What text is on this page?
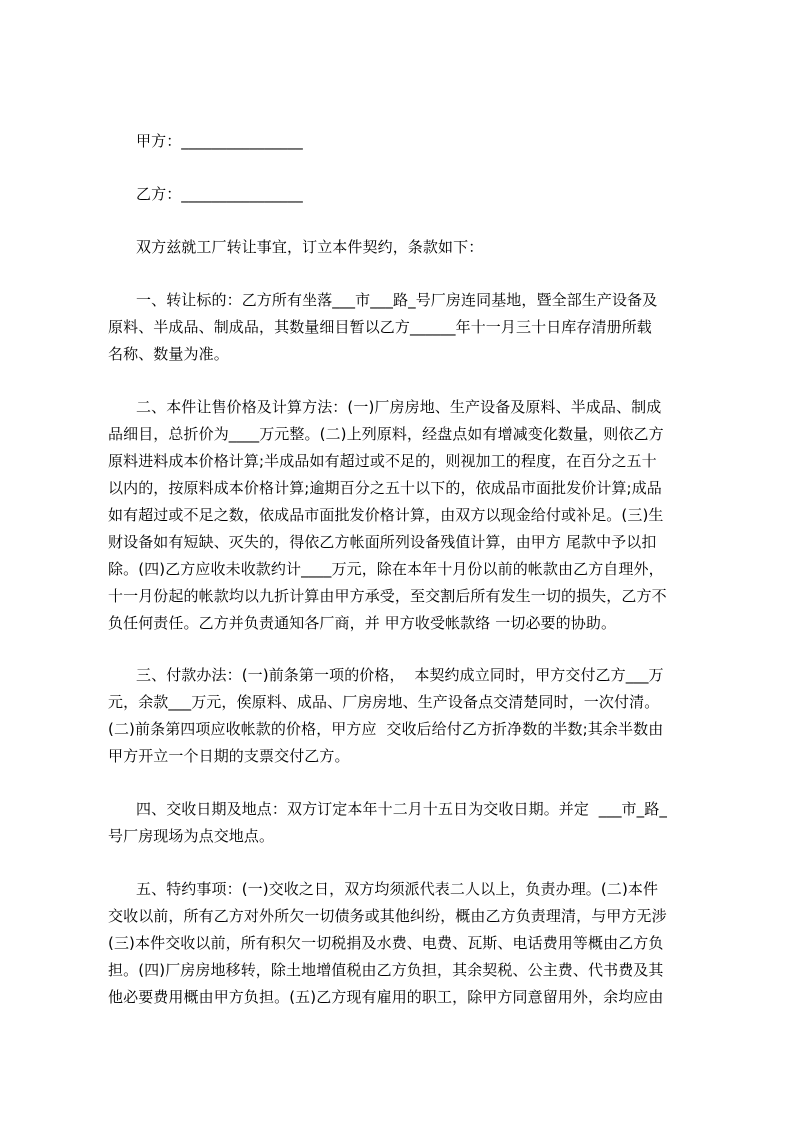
甲方：________________
乙方：________________
双方兹就工厂转让事宜，订立本件契约，条款如下：
一、转让标的：乙方所有坐落___市___路_号厂房连同基地，暨全部生产设备及
原料、半成品、制成品，其数量细目暂以乙方______年十一月三十日库存清册所载
名称、数量为准。
二、本件让售价格及计算方法：(一)厂房房地、生产设备及原料、半成品、制成
品细目，总折价为____万元整。(二)上列原料，经盘点如有增减变化数量，则依乙方
原料进料成本价格计算;半成品如有超过或不足的，则视加工的程度，在百分之五十
以内的，按原料成本价格计算;逾期百分之五十以下的，依成品市面批发价计算;成品
如有超过或不足之数，依成品市面批发价格计算，由双方以现金给付或补足。(三)生
财设备如有短缺、灭失的，得依乙方帐面所列设备残值计算，由甲方 尾款中予以扣
除。(四)乙方应收未收款约计____万元，除在本年十月份以前的帐款由乙方自理外，
十一月份起的帐款均以九折计算由甲方承受，至交割后所有发生一切的损失，乙方不
负任何责任。乙方并负责通知各厂商，并 甲方收受帐款络 一切必要的协助。
三、付款办法：(一)前条第一项的价格，  本契约成立同时，甲方交付乙方___万
元，余款___万元，俟原料、成品、厂房房地、生产设备点交清楚同时，一次付清。
(二)前条第四项应收帐款的价格，甲方应  交收后给付乙方折净数的半数;其余半数由
甲方开立一个日期的支票交付乙方。
四、交收日期及地点：双方订定本年十二月十五日为交收日期。并定  ___市_路_
号厂房现场为点交地点。
五、特约事项：(一)交收之日，双方均须派代表二人以上，负责办理。(二)本件
交收以前，所有乙方对外所欠一切债务或其他纠纷，概由乙方负责理清，与甲方无涉
(三)本件交收以前，所有积欠一切税捐及水费、电费、瓦斯、电话费用等概由乙方负
担。(四)厂房房地移转，除土地增值税由乙方负担，其余契税、公主费、代书费及其
他必要费用概由甲方负担。(五)乙方现有雇用的职工，除甲方同意留用外，余均应由
